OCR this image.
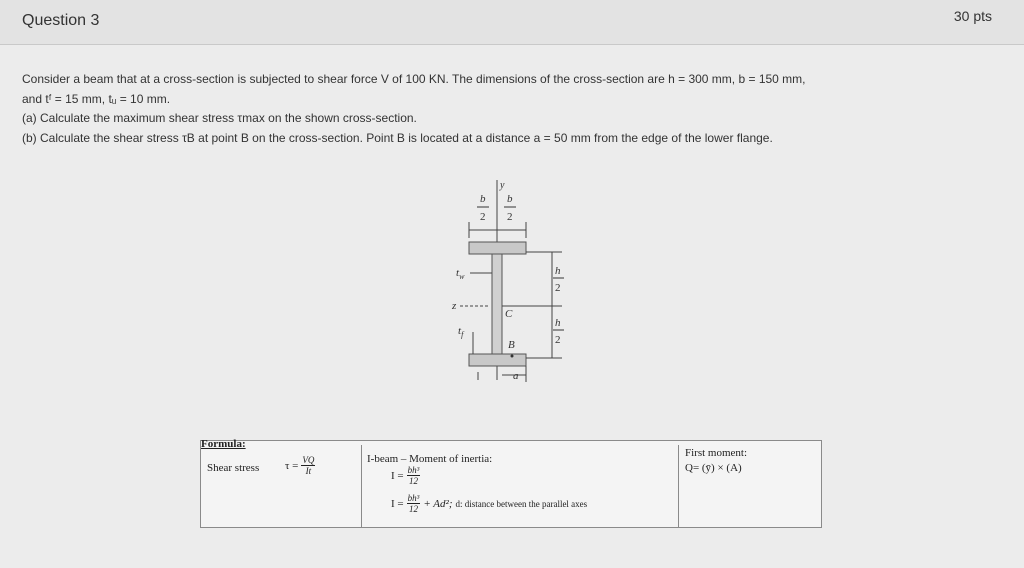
Question 3	30 pts
Consider a beam that at a cross-section is subjected to shear force V of 100 KN. The dimensions of the cross-section are h = 300 mm, b = 150 mm,
and tᶠ = 15 mm, tᵤ = 10 mm.
(a) Calculate the maximum shear stress τmax on the shown cross-section.
(b) Calculate the shear stress τB at point B on the cross-section. Point B is located at a distance a = 50 mm from the edge of the lower flange.
y
b
2
b
2
h
2
h
2
$t_w$
z
C
$t_f$
B
a
Formula:
Shear stress $\tau = \frac{VQ}{It}$	I-beam – Moment of inertia:
$I = \frac{\text{bh³}}{12}$
$I = \frac{\text{bh³}}{12} + Ad^2$; d: distance between the parallel axes
First moment:
Q= (ȳ) × (A)
